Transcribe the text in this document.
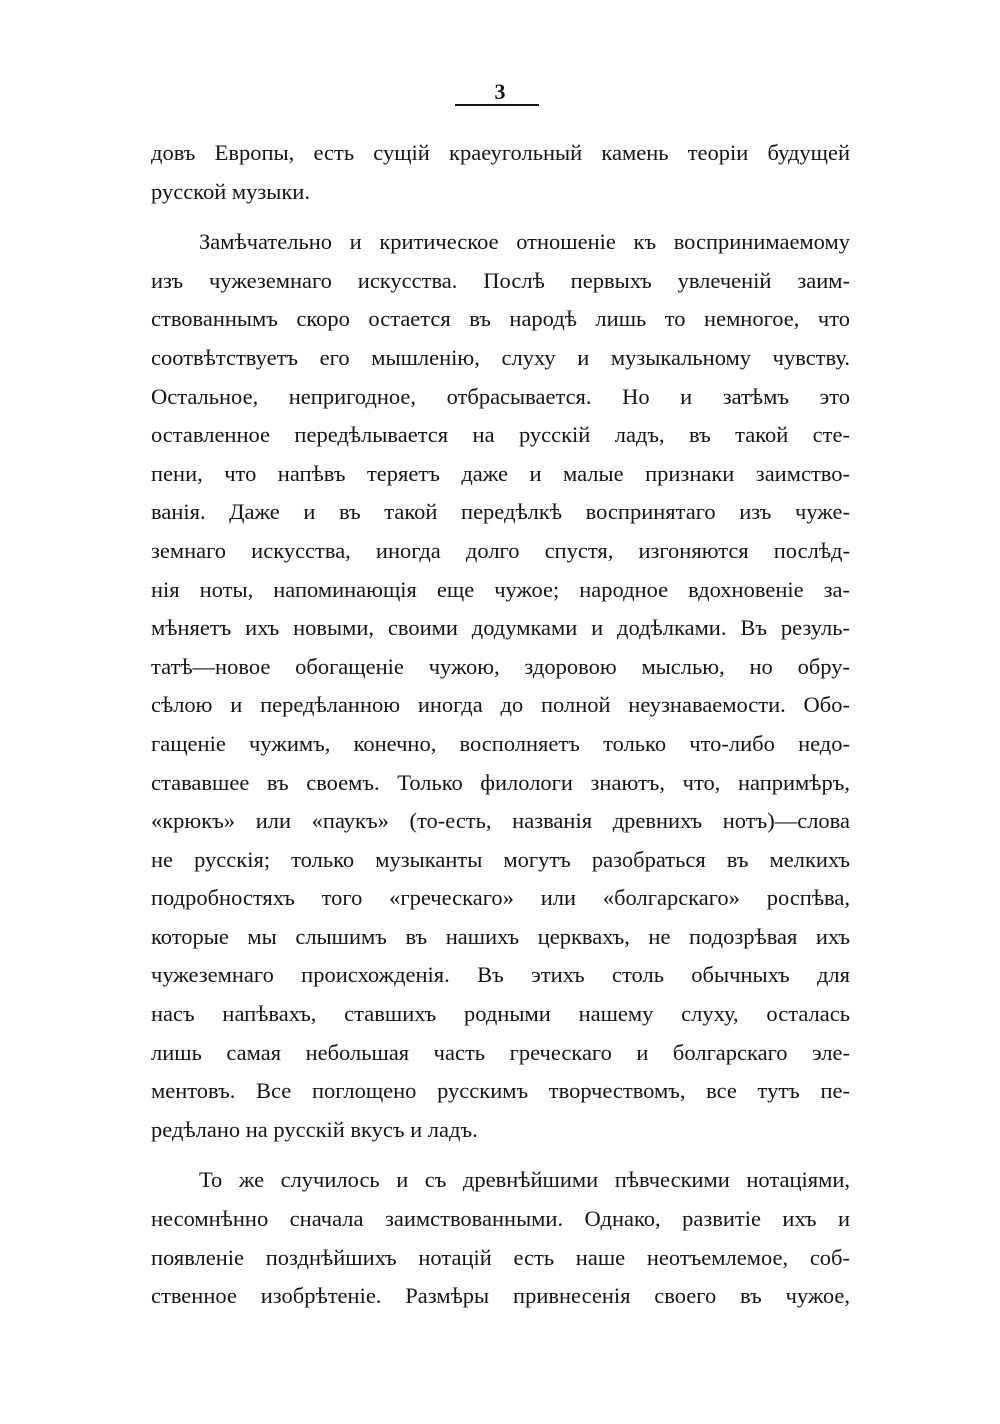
3
довъ Европы, есть сущій краеугольный камень теоріи будущей
русской музыки.
Замѣчательно и критическое отношеніе къ воспринимаемому
изъ чужеземнаго искусства. Послѣ первыхъ увлеченій заим-
ствованнымъ скоро остается въ народѣ лишь то немногое, что
соотвѣтствуетъ его мышленію, слуху и музыкальному чувству.
Остальное, непригодное, отбрасывается. Но и затѣмъ это
оставленное передѣлывается на русскій ладъ, въ такой сте-
пени, что напѣвъ теряетъ даже и малые признаки заимство-
ванія. Даже и въ такой передѣлкѣ воспринятаго изъ чуже-
земнаго искусства, иногда долго спустя, изгоняются послѣд-
нія ноты, напоминающія еще чужое; народное вдохновеніе за-
мѣняетъ ихъ новыми, своими додумками и додѣлками. Въ резуль-
татѣ—новое обогащеніе чужою, здоровою мыслью, но обру-
сѣлою и передѣланною иногда до полной неузнаваемости. Обо-
гащеніе чужимъ, конечно, восполняетъ только что-либо недо-
стававшее въ своемъ. Только филологи знаютъ, что, напримѣръ,
«крюкъ» или «паукъ» (то-есть, названія древнихъ нотъ)—слова
не русскія; только музыканты могутъ разобраться въ мелкихъ
подробностяхъ того «греческаго» или «болгарскаго» роспѣва,
которые мы слышимъ въ нашихъ церквахъ, не подозрѣвая ихъ
чужеземнаго происхожденія. Въ этихъ столь обычныхъ для
насъ напѣвахъ, ставшихъ родными нашему слуху, осталась
лишь самая небольшая часть греческаго и болгарскаго эле-
ментовъ. Все поглощено русскимъ творчествомъ, все тутъ пе-
редѣлано на русскій вкусъ и ладъ.
То же случилось и съ древнѣйшими пѣвческими нотаціями,
несомнѣнно сначала заимствованными. Однако, развитіе ихъ и
появленіе позднѣйшихъ нотацій есть наше неотъемлемое, соб-
ственное изобрѣтеніе. Размѣры привнесенія своего въ чужое,
